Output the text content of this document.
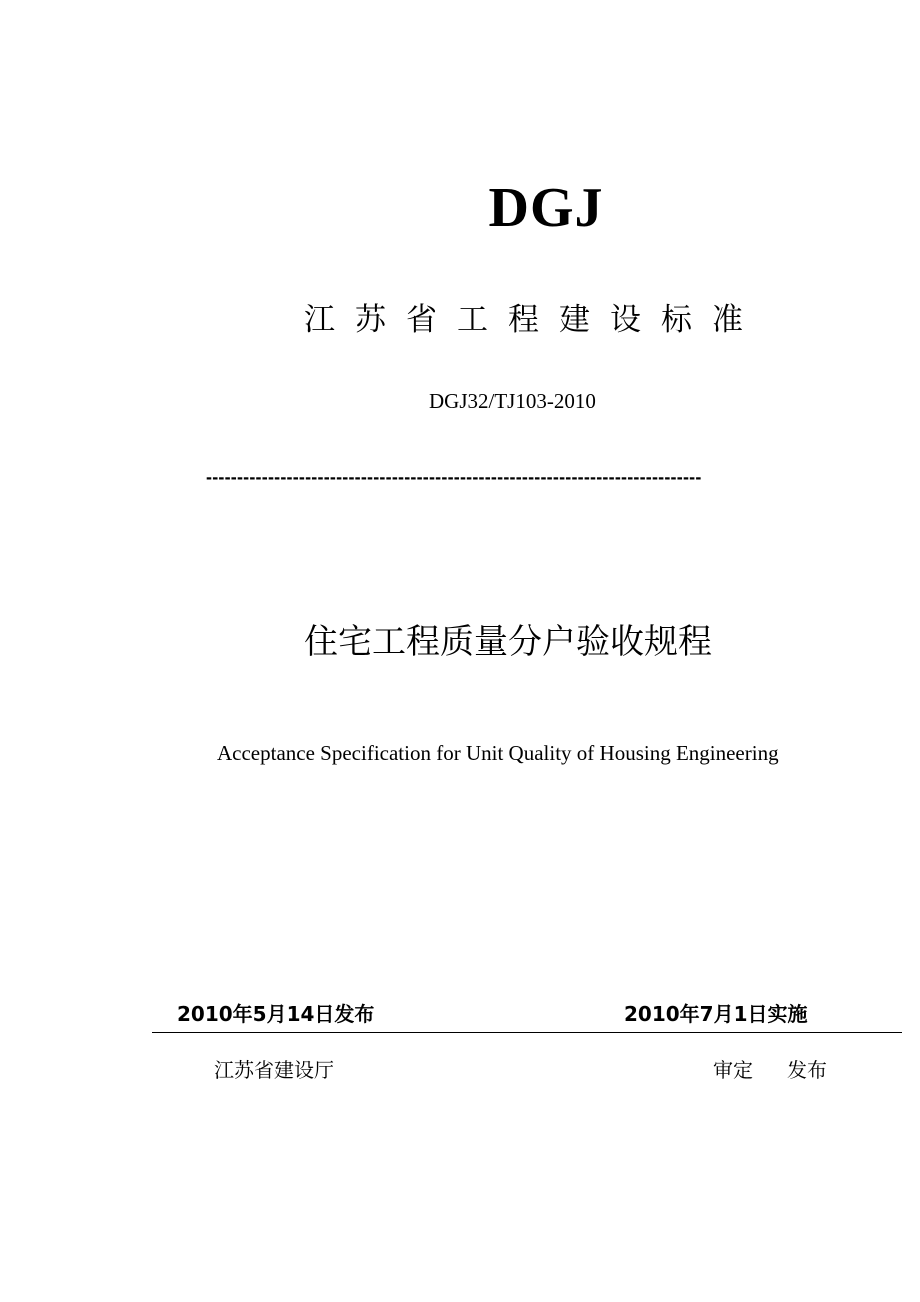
DGJ
江苏省工程建设标准
DGJ32/TJ103-2010
--------------------------------------------------------------------------------
住宅工程质量分户验收规程
Acceptance Specification for Unit Quality of Housing Engineering
2010年5月14日发布	2010年7月1日实施
江苏省建设厅	审定 发布
